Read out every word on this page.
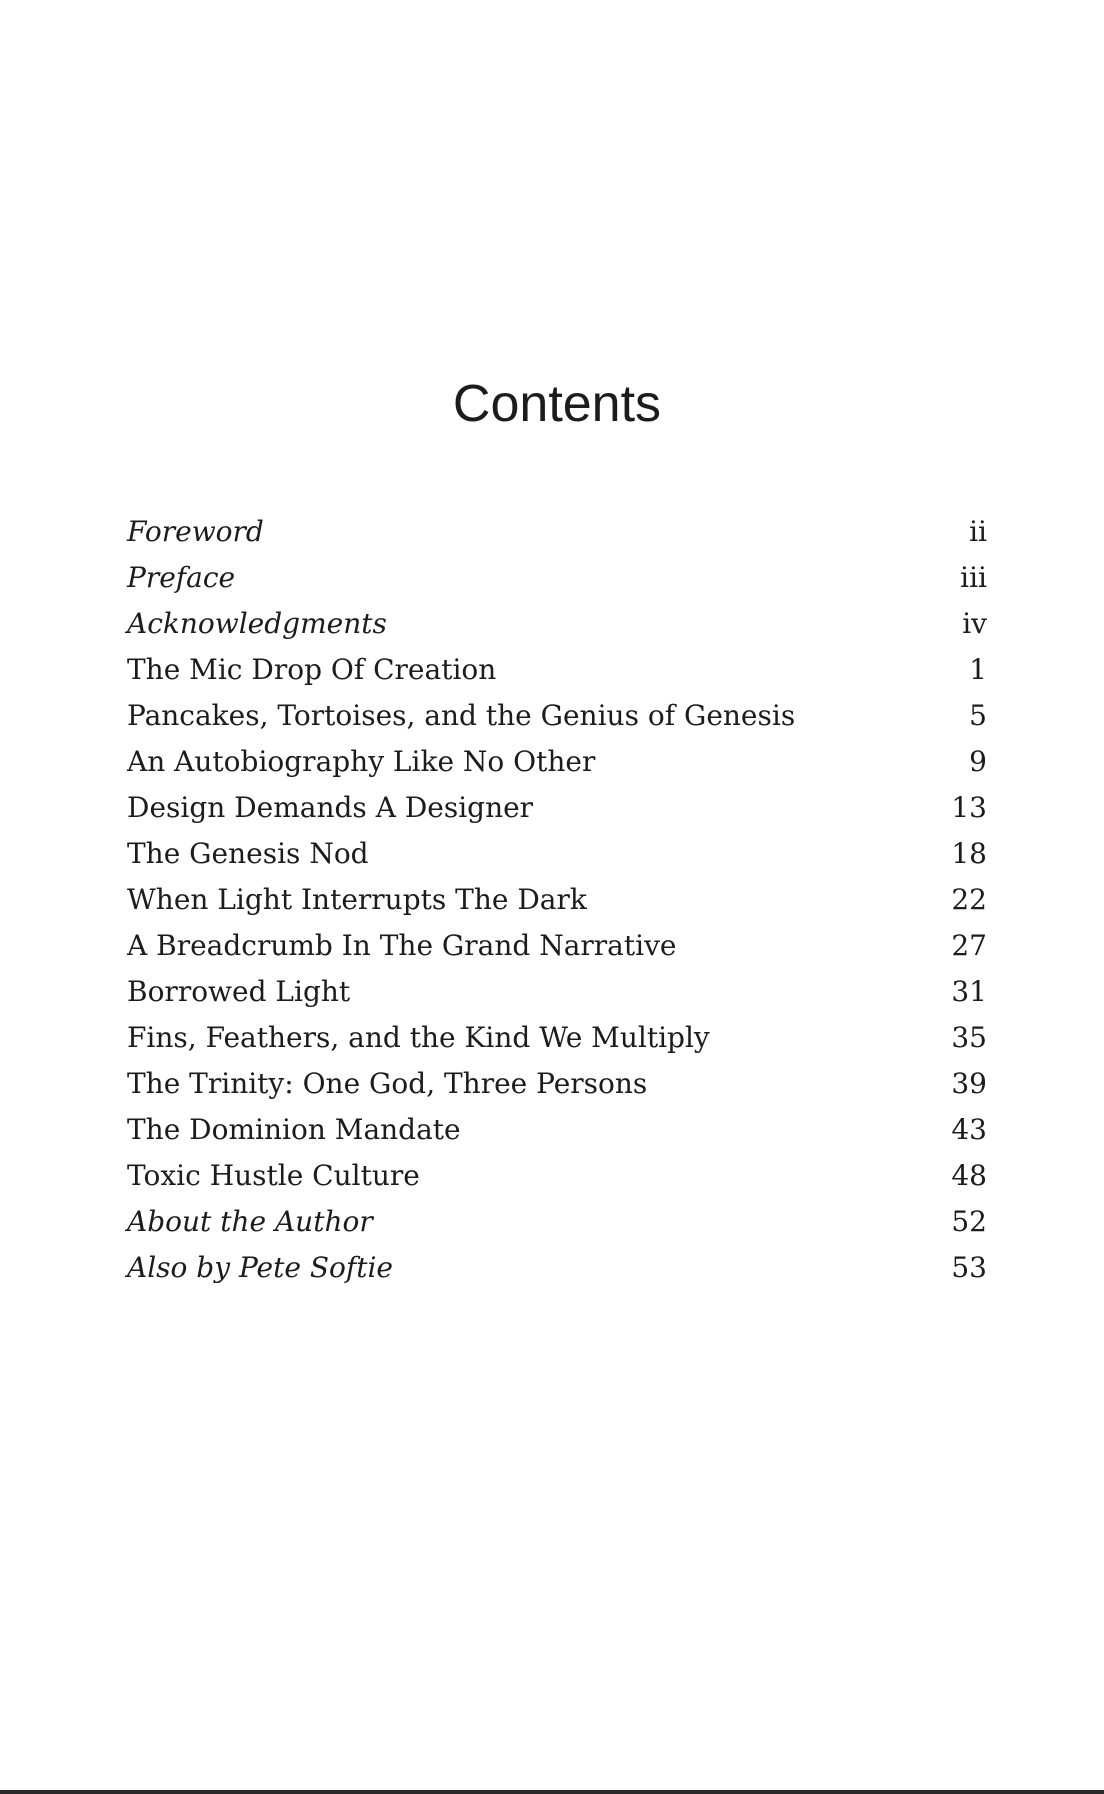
Contents
Foreword	ii
Preface	iii
Acknowledgments	iv
The Mic Drop Of Creation	1
Pancakes, Tortoises, and the Genius of Genesis	5
An Autobiography Like No Other	9
Design Demands A Designer	13
The Genesis Nod	18
When Light Interrupts The Dark	22
A Breadcrumb In The Grand Narrative	27
Borrowed Light	31
Fins, Feathers, and the Kind We Multiply	35
The Trinity: One God, Three Persons	39
The Dominion Mandate	43
Toxic Hustle Culture	48
About the Author	52
Also by Pete Softie	53
